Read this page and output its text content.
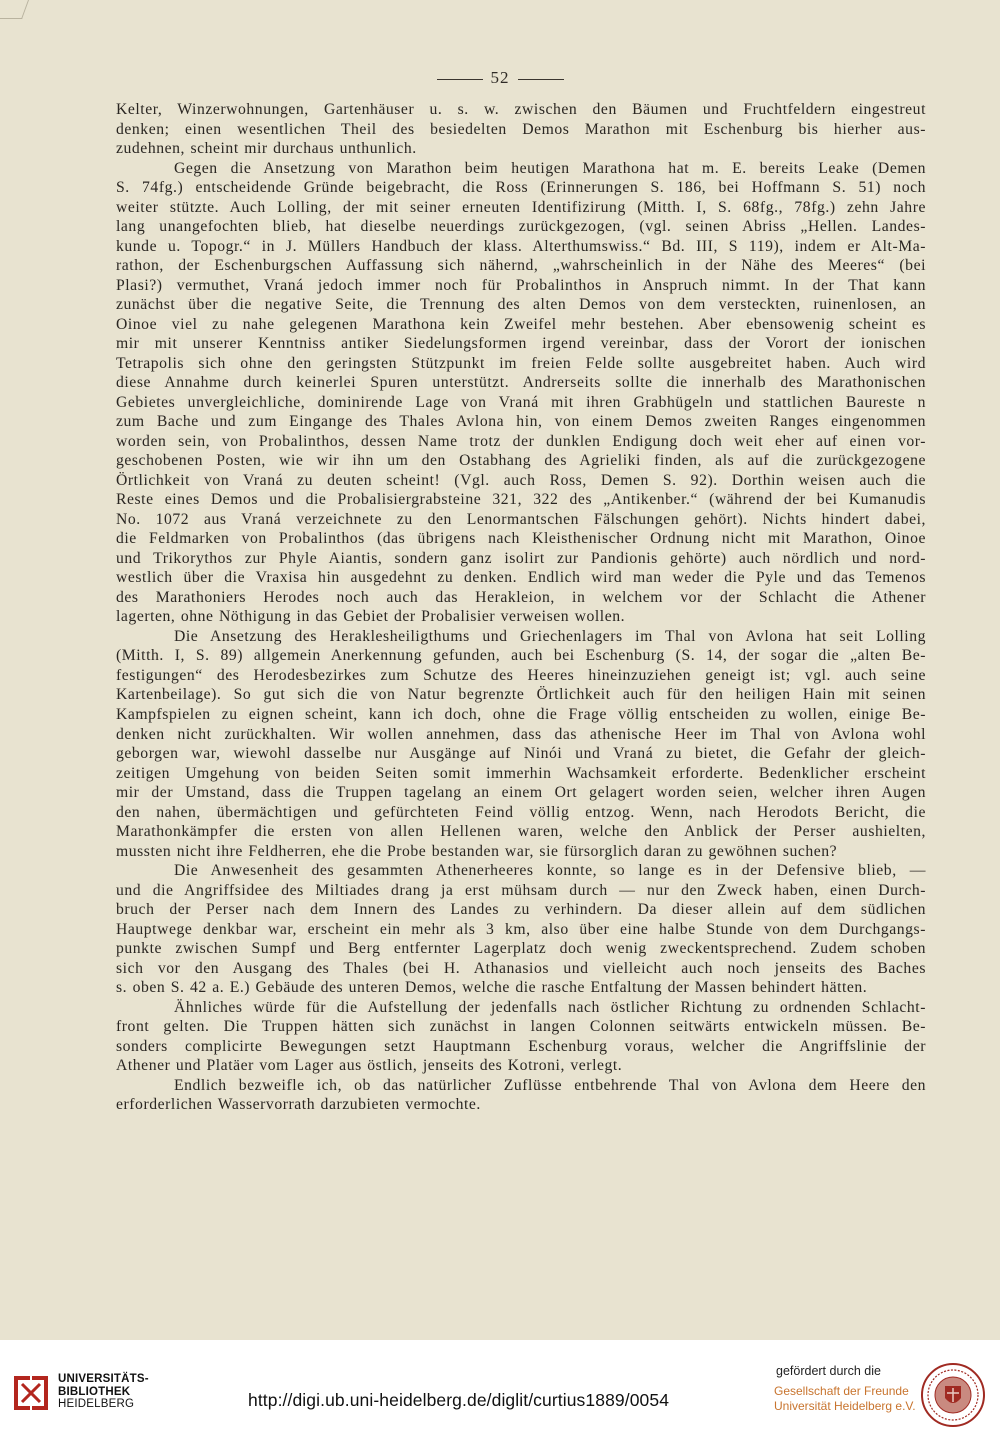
52

Kelter, Winzerwohnungen, Gartenhäuser u. s. w. zwischen den Bäumen und Fruchtfeldern eingestreut

denken; einen wesentlichen Theil des besiedelten Demos Marathon mit Eschenburg bis hierher aus-

zudehnen, scheint mir durchaus unthunlich.

Gegen die Ansetzung von Marathon beim heutigen Marathona hat m. E. bereits Leake (Demen

S. 74fg.) entscheidende Gründe beigebracht, die Ross (Erinnerungen S. 186, bei Hoffmann S. 51) noch

weiter stützte. Auch Lolling, der mit seiner erneuten Identifizirung (Mitth. I, S. 68fg., 78fg.) zehn Jahre

lang unangefochten blieb, hat dieselbe neuerdings zurückgezogen, (vgl. seinen Abriss „Hellen. Landes-

kunde u. Topogr.“ in J. Müllers Handbuch der klass. Alterthumswiss.“ Bd. III, S 119), indem er Alt-Ma-

rathon, der Eschenburgschen Auffassung sich nähernd, „wahrscheinlich in der Nähe des Meeres“ (bei

Plasi?) vermuthet, Vraná jedoch immer noch für Probalinthos in Anspruch nimmt. In der That kann

zunächst über die negative Seite, die Trennung des alten Demos von dem versteckten, ruinenlosen, an

Oinoe viel zu nahe gelegenen Marathona kein Zweifel mehr bestehen. Aber ebensowenig scheint es

mir mit unserer Kenntniss antiker Siedelungsformen irgend vereinbar, dass der Vorort der ionischen

Tetrapolis sich ohne den geringsten Stützpunkt im freien Felde sollte ausgebreitet haben. Auch wird

diese Annahme durch keinerlei Spuren unterstützt. Andrerseits sollte die innerhalb des Marathonischen

Gebietes unvergleichliche, dominirende Lage von Vraná mit ihren Grabhügeln und stattlichen Baureste n

zum Bache und zum Eingange des Thales Avlona hin, von einem Demos zweiten Ranges eingenommen

worden sein, von Probalinthos, dessen Name trotz der dunklen Endigung doch weit eher auf einen vor-

geschobenen Posten, wie wir ihn um den Ostabhang des Agrieliki finden, als auf die zurückgezogene

Örtlichkeit von Vraná zu deuten scheint! (Vgl. auch Ross, Demen S. 92). Dorthin weisen auch die

Reste eines Demos und die Probalisiergrabsteine 321, 322 des „Antikenber.“ (während der bei Kumanudis

No. 1072 aus Vraná verzeichnete zu den Lenormantschen Fälschungen gehört). Nichts hindert dabei,

die Feldmarken von Probalinthos (das übrigens nach Kleisthenischer Ordnung nicht mit Marathon, Oinoe

und Trikorythos zur Phyle Aiantis, sondern ganz isolirt zur Pandionis gehörte) auch nördlich und nord-

westlich über die Vraxisa hin ausgedehnt zu denken. Endlich wird man weder die Pyle und das Temenos

des Marathoniers Herodes noch auch das Herakleion, in welchem vor der Schlacht die Athener

lagerten, ohne Nöthigung in das Gebiet der Probalisier verweisen wollen.

Die Ansetzung des Heraklesheiligthums und Griechenlagers im Thal von Avlona hat seit Lolling

(Mitth. I, S. 89) allgemein Anerkennung gefunden, auch bei Eschenburg (S. 14, der sogar die „alten Be-

festigungen“ des Herodesbezirkes zum Schutze des Heeres hineinzuziehen geneigt ist; vgl. auch seine

Kartenbeilage). So gut sich die von Natur begrenzte Örtlichkeit auch für den heiligen Hain mit seinen

Kampfspielen zu eignen scheint, kann ich doch, ohne die Frage völlig entscheiden zu wollen, einige Be-

denken nicht zurückhalten. Wir wollen annehmen, dass das athenische Heer im Thal von Avlona wohl

geborgen war, wiewohl dasselbe nur Ausgänge auf Ninói und Vraná zu bietet, die Gefahr der gleich-

zeitigen Umgehung von beiden Seiten somit immerhin Wachsamkeit erforderte. Bedenklicher erscheint

mir der Umstand, dass die Truppen tagelang an einem Ort gelagert worden seien, welcher ihren Augen

den nahen, übermächtigen und gefürchteten Feind völlig entzog. Wenn, nach Herodots Bericht, die

Marathonkämpfer die ersten von allen Hellenen waren, welche den Anblick der Perser aushielten,

mussten nicht ihre Feldherren, ehe die Probe bestanden war, sie fürsorglich daran zu gewöhnen suchen?

Die Anwesenheit des gesammten Athenerheeres konnte, so lange es in der Defensive blieb, —

und die Angriffsidee des Miltiades drang ja erst mühsam durch — nur den Zweck haben, einen Durch-

bruch der Perser nach dem Innern des Landes zu verhindern. Da dieser allein auf dem südlichen

Hauptwege denkbar war, erscheint ein mehr als 3 km, also über eine halbe Stunde von dem Durchgangs-

punkte zwischen Sumpf und Berg entfernter Lagerplatz doch wenig zweckentsprechend. Zudem schoben

sich vor den Ausgang des Thales (bei H. Athanasios und vielleicht auch noch jenseits des Baches

s. oben S. 42 a. E.) Gebäude des unteren Demos, welche die rasche Entfaltung der Massen behindert hätten.

Ähnliches würde für die Aufstellung der jedenfalls nach östlicher Richtung zu ordnenden Schlacht-

front gelten. Die Truppen hätten sich zunächst in langen Colonnen seitwärts entwickeln müssen. Be-

sonders complicirte Bewegungen setzt Hauptmann Eschenburg voraus, welcher die Angriffslinie der

Athener und Platäer vom Lager aus östlich, jenseits des Kotroni, verlegt.

Endlich bezweifle ich, ob das natürlicher Zuflüsse entbehrende Thal von Avlona dem Heere den

erforderlichen Wasservorrath darzubieten vermochte.

UNIVERSITÄTS-
BIBLIOTHEK
HEIDELBERG	http://digi.ub.uni-heidelberg.de/diglit/curtius1889/0054
gefördert durch die
Gesellschaft der Freunde
Universität Heidelberg e.V.
